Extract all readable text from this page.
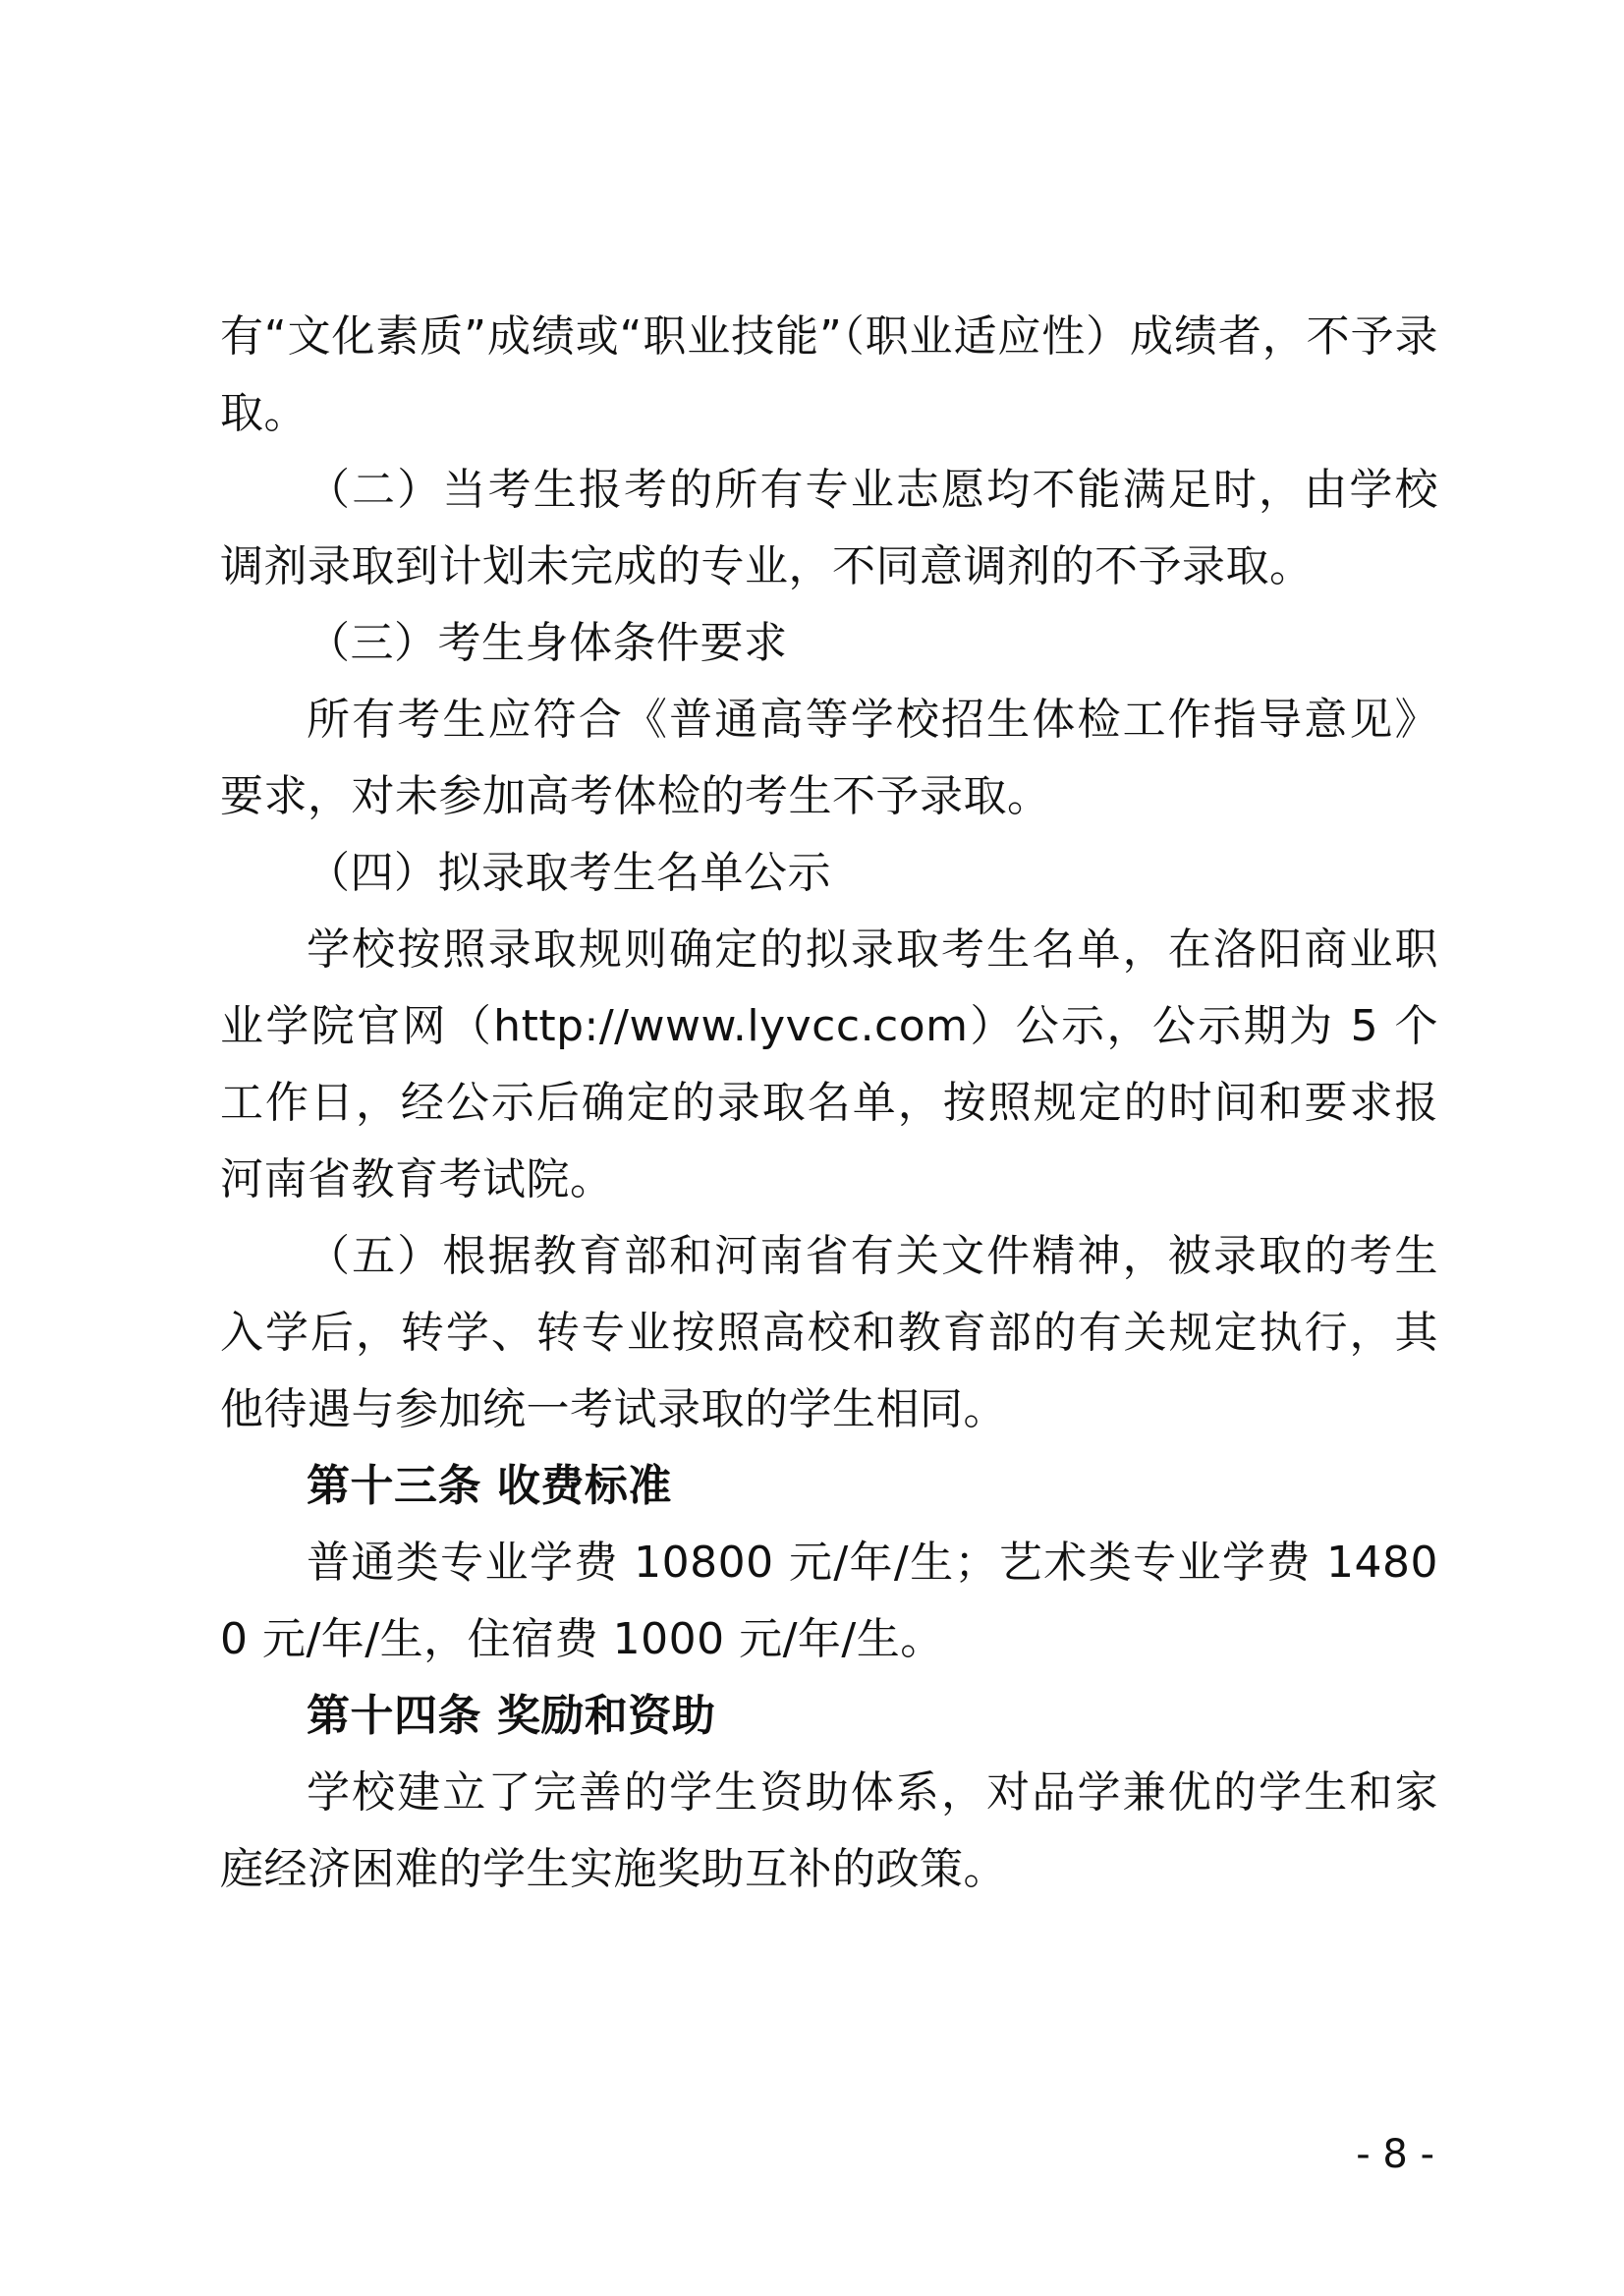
有“文化素质”成绩或“职业技能”（职业适应性）成绩者，不予录取。

（二）当考生报考的所有专业志愿均不能满足时，由学校调剂录取到计划未完成的专业，不同意调剂的不予录取。

（三）考生身体条件要求

所有考生应符合《普通高等学校招生体检工作指导意见》要求，对未参加高考体检的考生不予录取。

（四）拟录取考生名单公示

学校按照录取规则确定的拟录取考生名单，在洛阳商业职业学院官网（http://www.lyvcc.com）公示，公示期为 5 个工作日，经公示后确定的录取名单，按照规定的时间和要求报河南省教育考试院。

（五）根据教育部和河南省有关文件精神，被录取的考生入学后，转学、转专业按照高校和教育部的有关规定执行，其他待遇与参加统一考试录取的学生相同。

第十三条 收费标准

普通类专业学费 10800 元/年/生；艺术类专业学费 14800 元/年/生，住宿费 1000 元/年/生。

第十四条 奖励和资助

学校建立了完善的学生资助体系，对品学兼优的学生和家庭经济困难的学生实施奖助互补的政策。

- 8 -
